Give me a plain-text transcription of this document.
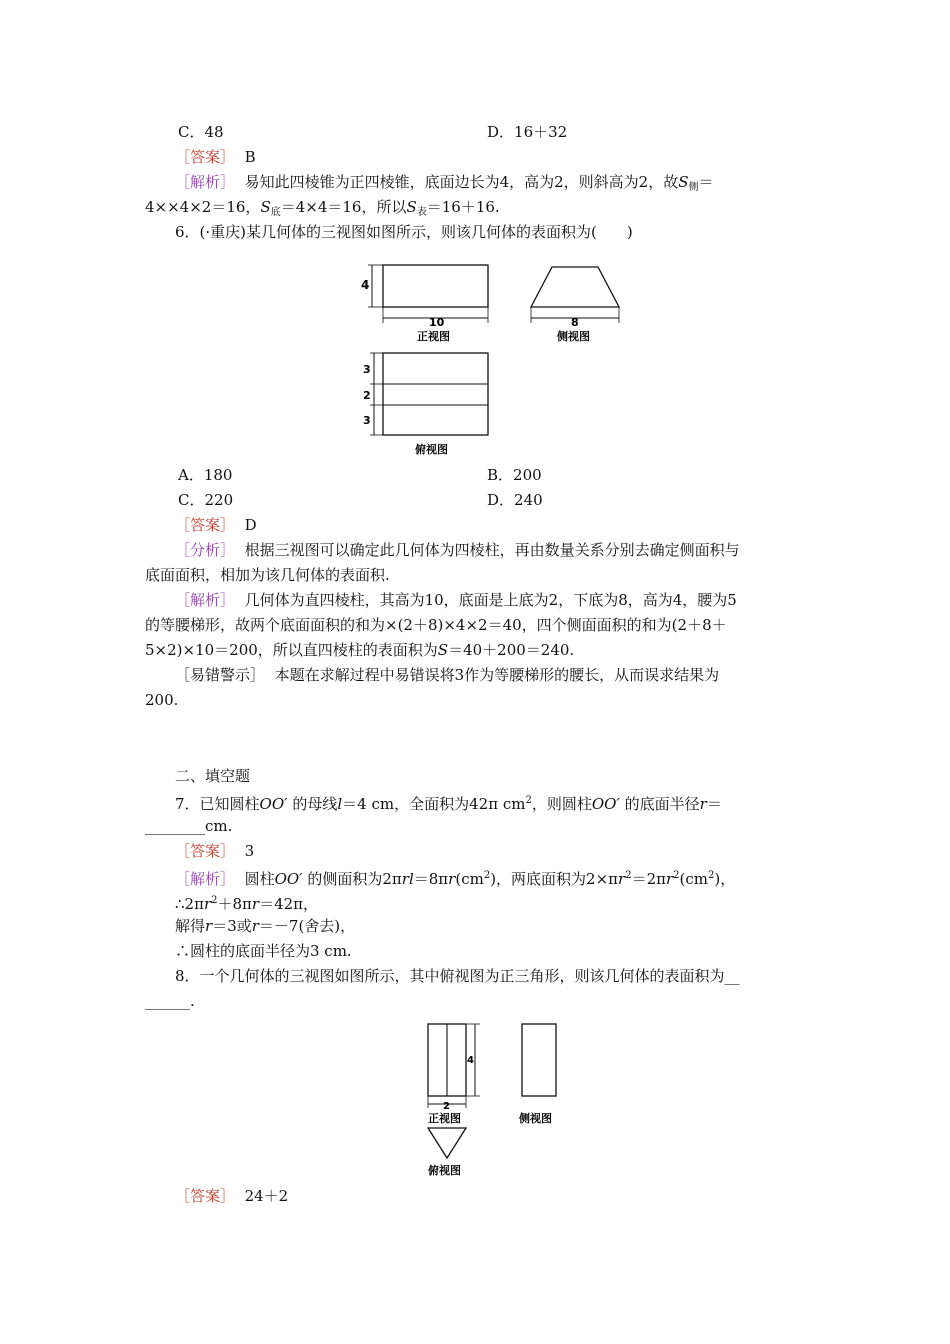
C．48	D．16＋32
［答案］ B
［解析］ 易知此四棱锥为正四棱锥，底面边长为4，高为2，则斜高为2，故$S_侧=$
4××4×2＝16，$S_底=4\times 4=16$，所以$S_表=16+16$.
6．(·重庆)某几何体的三视图如图所示，则该几何体的表面积为(　　)
4
10
正视图
8
侧视图
3
2
3
俯视图
A．180	B．200
C．220	D．240
［答案］ D
［分析］ 根据三视图可以确定此几何体为四棱柱，再由数量关系分别去确定侧面积与
底面面积，相加为该几何体的表面积.
［解析］ 几何体为直四棱柱，其高为10，底面是上底为2，下底为8，高为4，腰为5
的等腰梯形，故两个底面面积的和为×(2＋8)×4×2＝40，四个侧面面积的和为(2＋8＋
5×2)×10＝200，所以直四棱柱的表面积为S＝40＋200＝240.
［易错警示］ 本题在求解过程中易错误将3作为等腰梯形的腰长，从而误求结果为
200.
二、填空题
7．已知圆柱OO′ 的母线l＝4 cm，全面积为42π $cm^2$，则圆柱OO′ 的底面半径r＝
________cm.
［答案］ 3
［解析］ 圆柱OO′ 的侧面积为$2\pi rl=8\pi r(cm^2)$，两底面积为$2\times\pi r^2=2\pi r^2(cm^2)$，
$\therefore 2\pi r^2+8\pi r=42\pi$，
解得r＝3或r＝－7(舍去)，
∴圆柱的底面半径为3 cm.
8．一个几何体的三视图如图所示，其中俯视图为正三角形，则该几何体的表面积为__
______.
4
2
正视图	侧视图
俯视图
［答案］ 24＋2
